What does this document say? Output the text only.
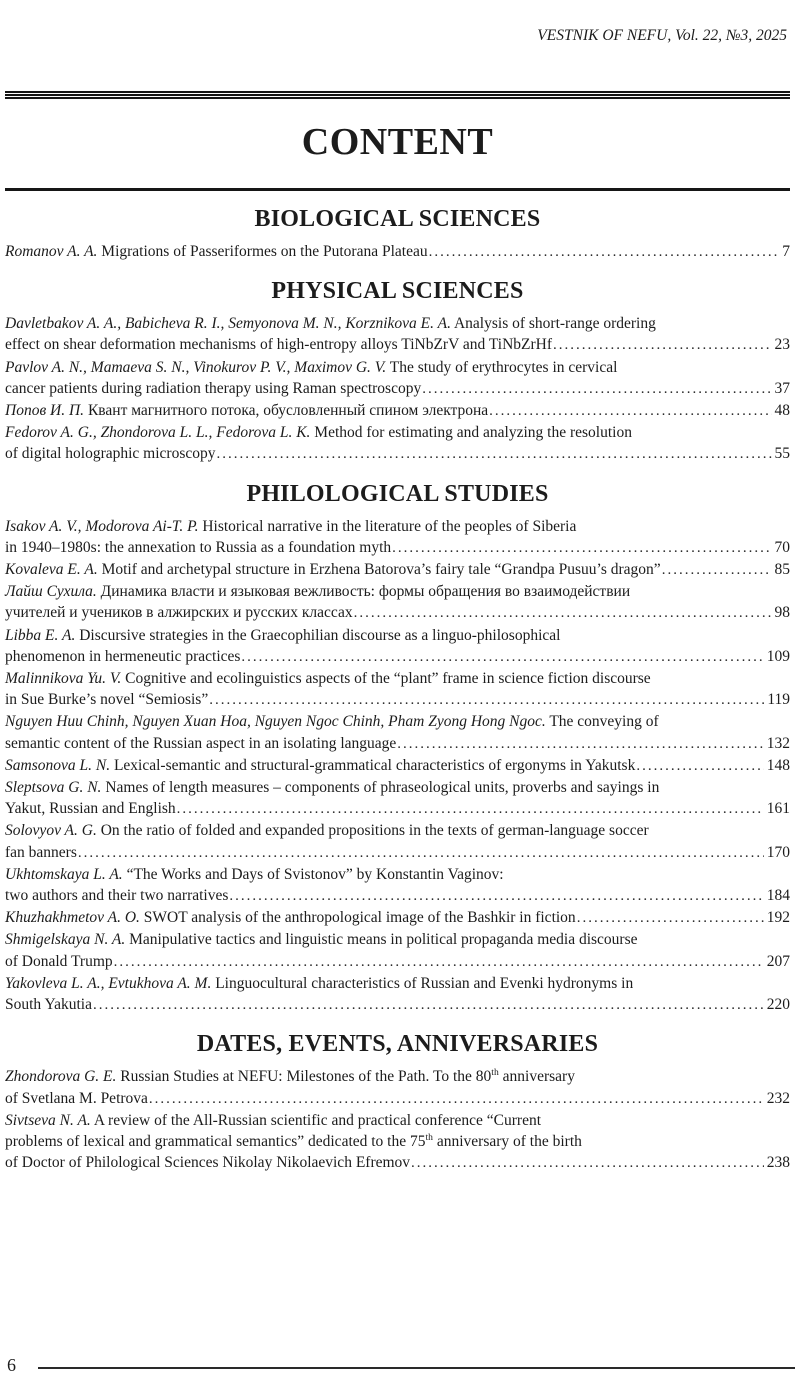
VESTNIK OF NEFU, Vol. 22, №3, 2025
CONTENT
BIOLOGICAL SCIENCES
Romanov A. A. Migrations of Passeriformes on the Putorana Plateau .....	7
PHYSICAL SCIENCES
Davletbakov A. A., Babicheva R. I., Semyonova M. N., Korznikova E. A. Analysis of short-range ordering
effect on shear deformation mechanisms of high-entropy alloys TiNbZrV and TiNbZrHf .....	23
Pavlov A. N., Mamaeva S. N., Vinokurov P. V., Maximov G. V. The study of erythrocytes in cervical
cancer patients during radiation therapy using Raman spectroscopy .....	37
Попов И. П. Квант магнитного потока, обусловленный спином электрона .....	48
Fedorov A. G., Zhondorova L. L., Fedorova L. K. Method for estimating and analyzing the resolution
of digital holographic microscopy .....	55
PHILOLOGICAL STUDIES
Isakov A. V., Modorova Ai-T. P. Historical narrative in the literature of the peoples of Siberia
in 1940–1980s: the annexation to Russia as a foundation myth .....	70
Kovaleva E. A. Motif and archetypal structure in Erzhena Batorova’s fairy tale “Grandpa Pusuu’s dragon” .....	85
Лайш Сухила. Динамика власти и языковая вежливость: формы обращения во взаимодействии
учителей и учеников в алжирских и русских классах .....	98
Libba E. A. Discursive strategies in the Graecophilian discourse as a linguo-philosophical
phenomenon in hermeneutic practices .....	109
Malinnikova Yu. V. Cognitive and ecolinguistics aspects of the “plant” frame in science fiction discourse
in Sue Burke’s novel “Semiosis” .....	119
Nguyen Huu Chinh, Nguyen Xuan Hoa, Nguyen Ngoc Chinh, Pham Zyong Hong Ngoc. The conveying of
semantic content of the Russian aspect in an isolating language .....	132
Samsonova L. N. Lexical-semantic and structural-grammatical characteristics of ergonyms in Yakutsk .....	148
Sleptsova G. N. Names of length measures – components of phraseological units, proverbs and sayings in
Yakut, Russian and English .....	161
Solovyov A. G. On the ratio of folded and expanded propositions in the texts of german-language soccer
fan banners .....	170
Ukhtomskaya L. A. “The Works and Days of Svistonov” by Konstantin Vaginov:
two authors and their two narratives .....	184
Khuzhakhmetov A. O. SWOT analysis of the anthropological image of the Bashkir in fiction .....	192
Shmigelskaya N. A. Manipulative tactics and linguistic means in political propaganda media discourse
of Donald Trump .....	207
Yakovleva L. A., Evtukhova A. M. Linguocultural characteristics of Russian and Evenki hydronyms in
South Yakutia .....	220
DATES, EVENTS, ANNIVERSARIES
Zhondorova G. E. Russian Studies at NEFU: Milestones of the Path. To the 80th anniversary
of Svetlana M. Petrova .....	232
Sivtseva N. A. A review of the All-Russian scientific and practical conference “Current
problems of lexical and grammatical semantics” dedicated to the 75th anniversary of the birth
of Doctor of Philological Sciences Nikolay Nikolaevich Efremov .....	238
6
